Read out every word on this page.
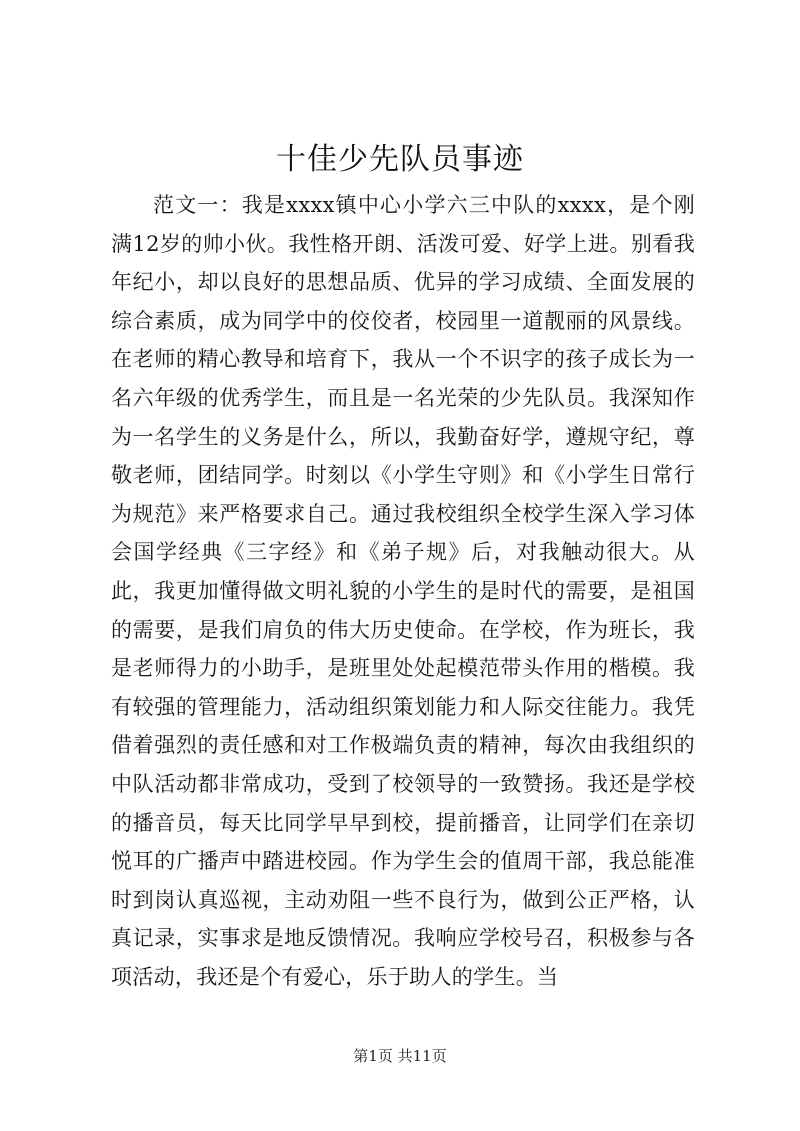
十佳少先队员事迹

范文一：我是xxxx镇中心小学六三中队的xxxx，是个刚满12岁的帅小伙。我性格开朗、活泼可爱、好学上进。别看我年纪小，却以良好的思想品质、优异的学习成绩、全面发展的综合素质，成为同学中的佼佼者，校园里一道靓丽的风景线。在老师的精心教导和培育下，我从一个不识字的孩子成长为一名六年级的优秀学生，而且是一名光荣的少先队员。我深知作为一名学生的义务是什么，所以，我勤奋好学，遵规守纪，尊敬老师，团结同学。时刻以《小学生守则》和《小学生日常行为规范》来严格要求自己。通过我校组织全校学生深入学习体会国学经典《三字经》和《弟子规》后，对我触动很大。从此，我更加懂得做文明礼貌的小学生的是时代的需要，是祖国的需要，是我们肩负的伟大历史使命。在学校，作为班长，我是老师得力的小助手，是班里处处起模范带头作用的楷模。我有较强的管理能力，活动组织策划能力和人际交往能力。我凭借着强烈的责任感和对工作极端负责的精神，每次由我组织的中队活动都非常成功，受到了校领导的一致赞扬。我还是学校的播音员，每天比同学早早到校，提前播音，让同学们在亲切悦耳的广播声中踏进校园。作为学生会的值周干部，我总能准时到岗认真巡视，主动劝阻一些不良行为，做到公正严格，认真记录，实事求是地反馈情况。我响应学校号召，积极参与各项活动，我还是个有爱心，乐于助人的学生。当

第1页 共11页
